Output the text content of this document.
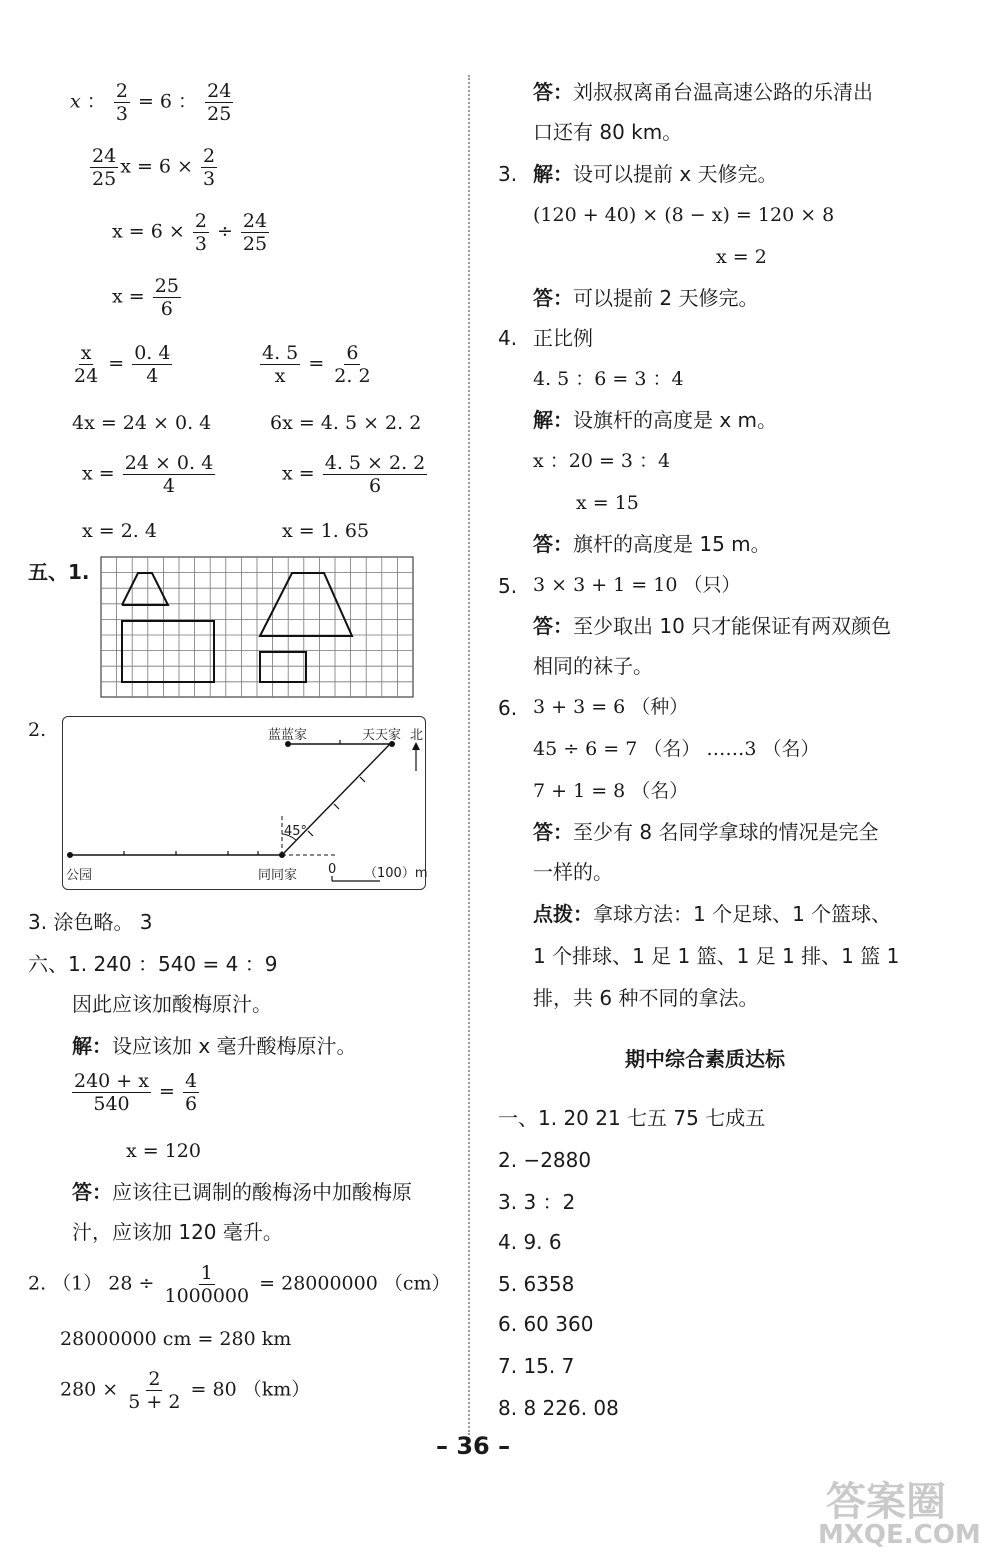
x ： $\frac{2}{3} = 6$ ： $\frac{24}{25}$
$\frac{24}{25}$ $x = 6 \times \frac{2}{3}$
$x = 6 \times \frac{2}{3} \div \frac{24}{25}$
$x = \frac{25}{6}$
$\frac{x}{24} = \frac{0. 4}{4}$
4x = 24 × 0. 4
$x = \frac{24 \times 0. 4}{4}$
x = 2. 4
$\frac{4. 5}{x} = \frac{6}{2. 2}$
6x = 4. 5 × 2. 2
$x = \frac{4. 5 \times 2. 2}{6}$
x = 1. 65
五、1.
2.	蓝蓝家	天天家 北
45°
公园	同同家 0 （100）m
3. 涂色略。 3
六、1. 240 ：540 = 4 ：9
因此应该加酸梅原汁。
解：设应该加 x 毫升酸梅原汁。
$\frac{240 + x}{540} = \frac{4}{6}$
x = 120
答：应该往已调制的酸梅汤中加酸梅原
汁，应该加 120 毫升。
2. （1） $28 \div \frac{1}{1000000} = 28000000$ （cm）
28000000 cm = 280 km
$280 \times \frac{2}{5 + 2} = 80$ （km）
答：刘叔叔离甬台温高速公路的乐清出
口还有 80 km。
3. 解：设可以提前 x 天修完。
(120 + 40) × (8 − x) = 120 × 8
x = 2
答：可以提前 2 天修完。
4. 正比例
4. 5 ：6 = 3 ：4
解：设旗杆的高度是 x m。
x ：20 = 3 ：4
x = 15
答：旗杆的高度是 15 m。
5. 3 × 3 + 1 = 10 （只）
答：至少取出 10 只才能保证有两双颜色
相同的袜子。
6. 3 + 3 = 6 （种）
45 ÷ 6 = 7 （名） ……3 （名）
7 + 1 = 8 （名）
答：至少有 8 名同学拿球的情况是完全
一样的。
点拨：拿球方法：1 个足球、1 个篮球、
1 个排球、1 足 1 篮、1 足 1 排、1 篮 1
排，共 6 种不同的拿法。
期中综合素质达标
一、1. 20 21 七五 75 七成五
2. −2880
3. 3 ：2
4. 9. 6
5. 6358
6. 60 360
7. 15. 7
8. 8 226. 08
– 36 –
答案圈
MXQE.COM
